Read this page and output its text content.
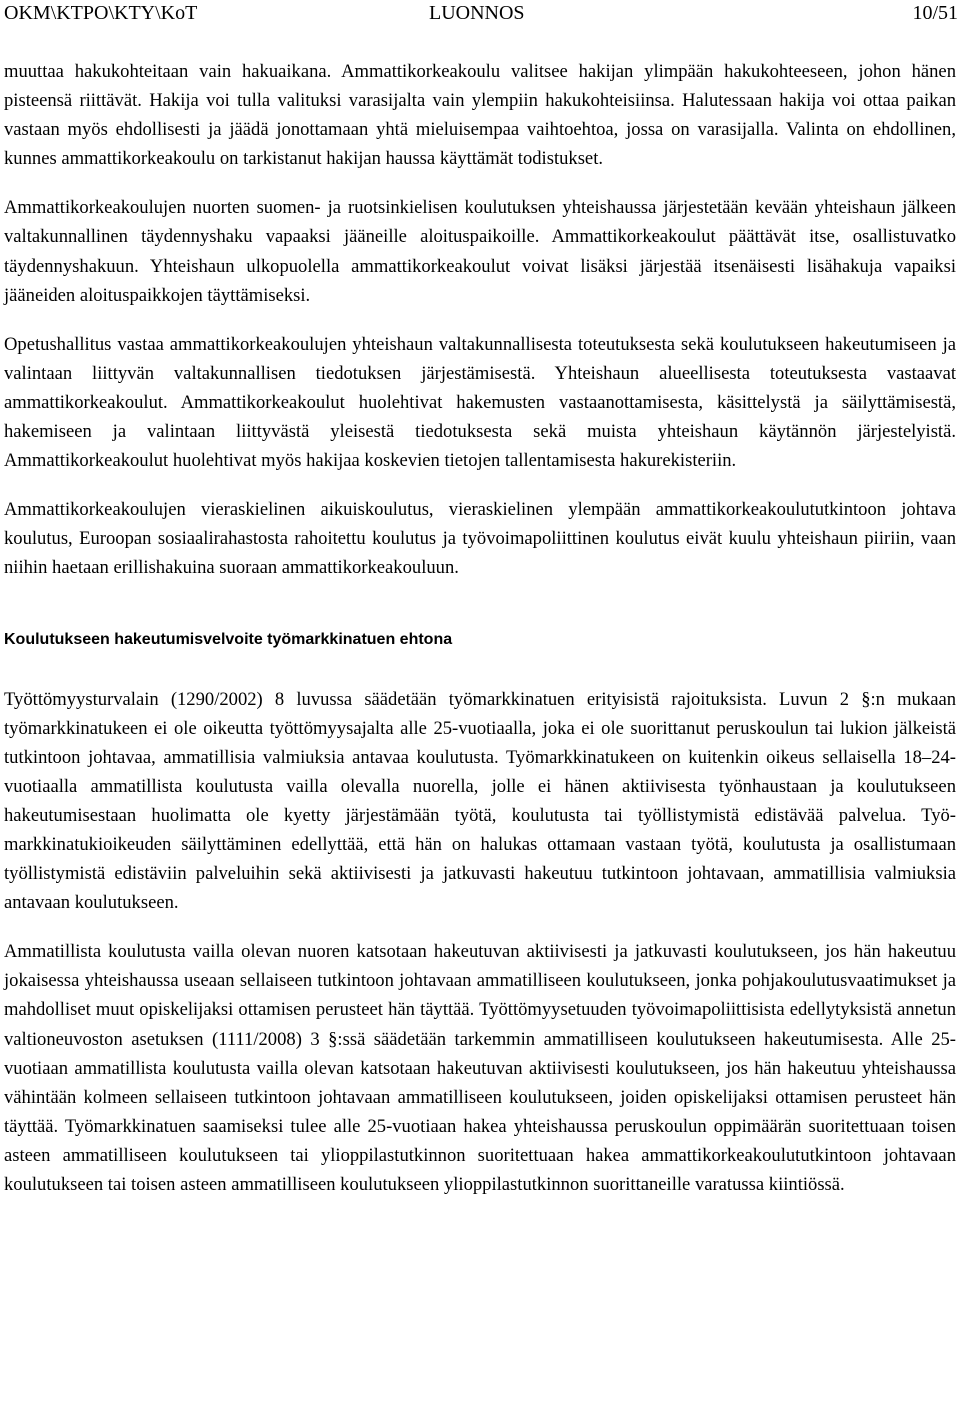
OKM\KTPO\KTY\KoT	LUONNOS	10/51

muuttaa hakukohteitaan vain hakuaikana. Ammattikorkeakoulu valitsee hakijan ylimpään hakukohteeseen, johon hänen pisteensä riittävät. Hakija voi tulla valituksi varasijalta vain ylempiin hakukohteisiinsa. Halutessaan hakija voi ottaa paikan vastaan myös ehdollisesti ja jäädä jonottamaan yhtä mieluisempaa vaihtoehtoa, jossa on varasijalla. Valinta on ehdollinen, kunnes ammattikorkeakoulu on tarkistanut hakijan haussa käyttämät todistukset.

Ammattikorkeakoulujen nuorten suomen- ja ruotsinkielisen koulutuksen yhteishaussa järjestetään kevään yhteishaun jälkeen valtakunnallinen täydennyshaku vapaaksi jääneille aloituspaikoille. Ammattikorkeakoulut päättävät itse, osallistuvatko täydennyshakuun. Yhteishaun ulkopuolella ammattikorkeakoulut voivat lisäksi järjestää itsenäisesti lisähakuja vapaiksi jääneiden aloituspaikkojen täyttämiseksi.

Opetushallitus vastaa ammattikorkeakoulujen yhteishaun valtakunnallisesta toteutuksesta sekä koulutukseen hakeutumiseen ja valintaan liittyvän valtakunnallisen tiedotuksen järjestämisestä. Yhteishaun alueellisesta toteutuksesta vastaavat ammattikorkeakoulut. Ammattikorkeakoulut huolehtivat hakemusten vastaanottamisesta, käsittelystä ja säilyttämisestä, hakemiseen ja valintaan liittyvästä yleisestä tiedotuksesta sekä muista yhteishaun käytännön järjestelyistä. Ammattikorkeakoulut huolehtivat myös hakijaa koskevien tietojen tallentamisesta hakurekisteriin.

Ammattikorkeakoulujen vieraskielinen aikuiskoulutus, vieraskielinen ylempään ammattikorkeakoulututkintoon johtava koulutus, Euroopan sosiaalirahastosta rahoitettu koulutus ja työvoimapoliittinen koulutus eivät kuulu yhteishaun piiriin, vaan niihin haetaan erillishakuina suoraan ammattikorkeakouluun.

Koulutukseen hakeutumisvelvoite työmarkkinatuen ehtona

Työttömyysturvalain (1290/2002) 8 luvussa säädetään työmarkkinatuen erityisistä rajoituksista. Luvun 2 §:n mukaan työmarkkinatukeen ei ole oikeutta työttömyysajalta alle 25-vuotiaalla, joka ei ole suorittanut peruskoulun tai lukion jälkeistä tutkintoon johtavaa, ammatillisia valmiuksia antavaa koulutusta. Työmarkkinatukeen on kuitenkin oikeus sellaisella 18–24-vuotiaalla ammatillista koulutusta vailla olevalla nuorella, jolle ei hänen aktiivisesta työnhaustaan ja koulutukseen hakeutumisestaan huolimatta ole kyetty järjestämään työtä, koulutusta tai työllistymistä edistävää palvelua. Työmarkkinatukioikeuden säilyttäminen edellyttää, että hän on halukas ottamaan vastaan työtä, koulutusta ja osallistumaan työllistymistä edistäviin palveluihin sekä aktiivisesti ja jatkuvasti hakeutuu tutkintoon johtavaan, ammatillisia valmiuksia antavaan koulutukseen.

Ammatillista koulutusta vailla olevan nuoren katsotaan hakeutuvan aktiivisesti ja jatkuvasti koulutukseen, jos hän hakeutuu jokaisessa yhteishaussa useaan sellaiseen tutkintoon johtavaan ammatilliseen koulutukseen, jonka pohjakoulutusvaatimukset ja mahdolliset muut opiskelijaksi ottamisen perusteet hän täyttää. Työttömyysetuuden työvoimapoliittisista edellytyksistä annetun valtioneuvoston asetuksen (1111/2008) 3 §:ssä säädetään tarkemmin ammatilliseen koulutukseen hakeutumisesta. Alle 25-vuotiaan ammatillista koulutusta vailla olevan katsotaan hakeutuvan aktiivisesti koulutukseen, jos hän hakeutuu yhteishaussa vähintään kolmeen sellaiseen tutkintoon johtavaan ammatilliseen koulutukseen, joiden opiskelijaksi ottamisen perusteet hän täyttää. Työmarkkinatuen saamiseksi tulee alle 25-vuotiaan hakea yhteishaussa peruskoulun oppimäärän suoritettuaan toisen asteen ammatilliseen koulutukseen tai ylioppilastutkinnon suoritettuaan hakea ammattikorkeakoulututkintoon johtavaan koulutukseen tai toisen asteen ammatilliseen koulutukseen ylioppilastutkinnon suorittaneille varatussa kiintiössä.
